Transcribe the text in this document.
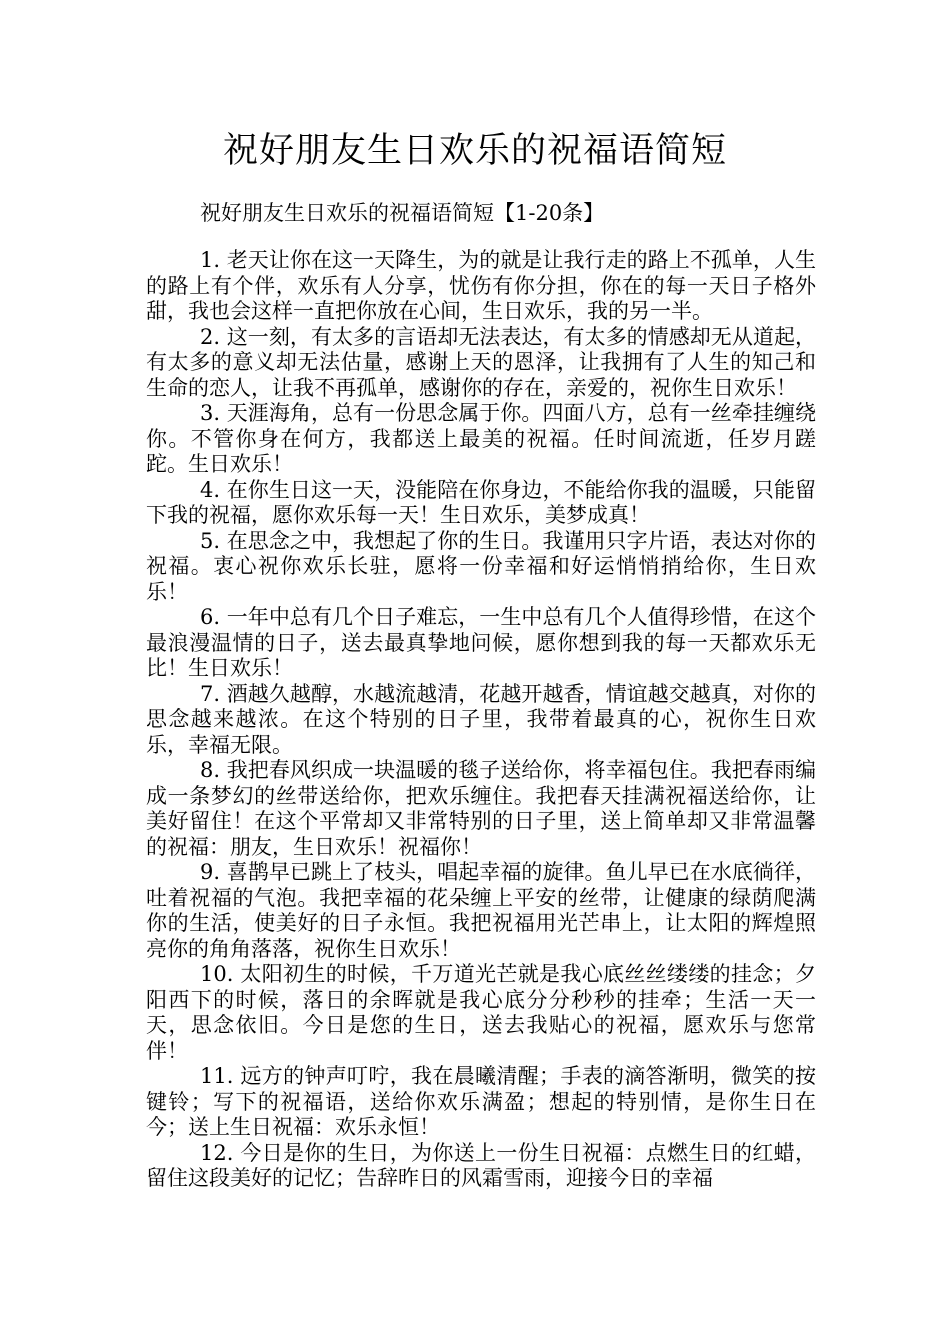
祝好朋友生日欢乐的祝福语简短
祝好朋友生日欢乐的祝福语简短【1-20条】

1. 老天让你在这一天降生，为的就是让我行走的路上不孤单，人生的路上有个伴，欢乐有人分享，忧伤有你分担，你在的每一天日子格外甜，我也会这样一直把你放在心间，生日欢乐，我的另一半。

2. 这一刻，有太多的言语却无法表达，有太多的情感却无从道起，有太多的意义却无法估量，感谢上天的恩泽，让我拥有了人生的知己和生命的恋人，让我不再孤单，感谢你的存在，亲爱的，祝你生日欢乐！

3. 天涯海角，总有一份思念属于你。四面八方，总有一丝牵挂缠绕你。不管你身在何方，我都送上最美的祝福。任时间流逝，任岁月蹉跎。生日欢乐！

4. 在你生日这一天，没能陪在你身边，不能给你我的温暖，只能留下我的祝福，愿你欢乐每一天！生日欢乐，美梦成真！

5. 在思念之中，我想起了你的生日。我谨用只字片语，表达对你的祝福。衷心祝你欢乐长驻，愿将一份幸福和好运悄悄捎给你，生日欢乐！

6. 一年中总有几个日子难忘，一生中总有几个人值得珍惜，在这个最浪漫温情的日子，送去最真挚地问候，愿你想到我的每一天都欢乐无比！生日欢乐！

7. 酒越久越醇，水越流越清，花越开越香，情谊越交越真，对你的思念越来越浓。在这个特别的日子里，我带着最真的心，祝你生日欢乐，幸福无限。

8. 我把春风织成一块温暖的毯子送给你，将幸福包住。我把春雨编成一条梦幻的丝带送给你，把欢乐缠住。我把春天挂满祝福送给你，让美好留住！在这个平常却又非常特别的日子里，送上简单却又非常温馨的祝福：朋友，生日欢乐！祝福你！

9. 喜鹊早已跳上了枝头，唱起幸福的旋律。鱼儿早已在水底徜徉，吐着祝福的气泡。我把幸福的花朵缠上平安的丝带，让健康的绿荫爬满你的生活，使美好的日子永恒。我把祝福用光芒串上，让太阳的辉煌照亮你的角角落落，祝你生日欢乐！

10. 太阳初生的时候，千万道光芒就是我心底丝丝缕缕的挂念；夕阳西下的时候，落日的余晖就是我心底分分秒秒的挂牵；生活一天一天，思念依旧。今日是您的生日，送去我贴心的祝福，愿欢乐与您常伴！

11. 远方的钟声叮咛，我在晨曦清醒；手表的滴答渐明，微笑的按键铃；写下的祝福语，送给你欢乐满盈；想起的特别情，是你生日在今；送上生日祝福：欢乐永恒！

12. 今日是你的生日，为你送上一份生日祝福：点燃生日的红蜡，留住这段美好的记忆；告辞昨日的风霜雪雨，迎接今日的幸福
